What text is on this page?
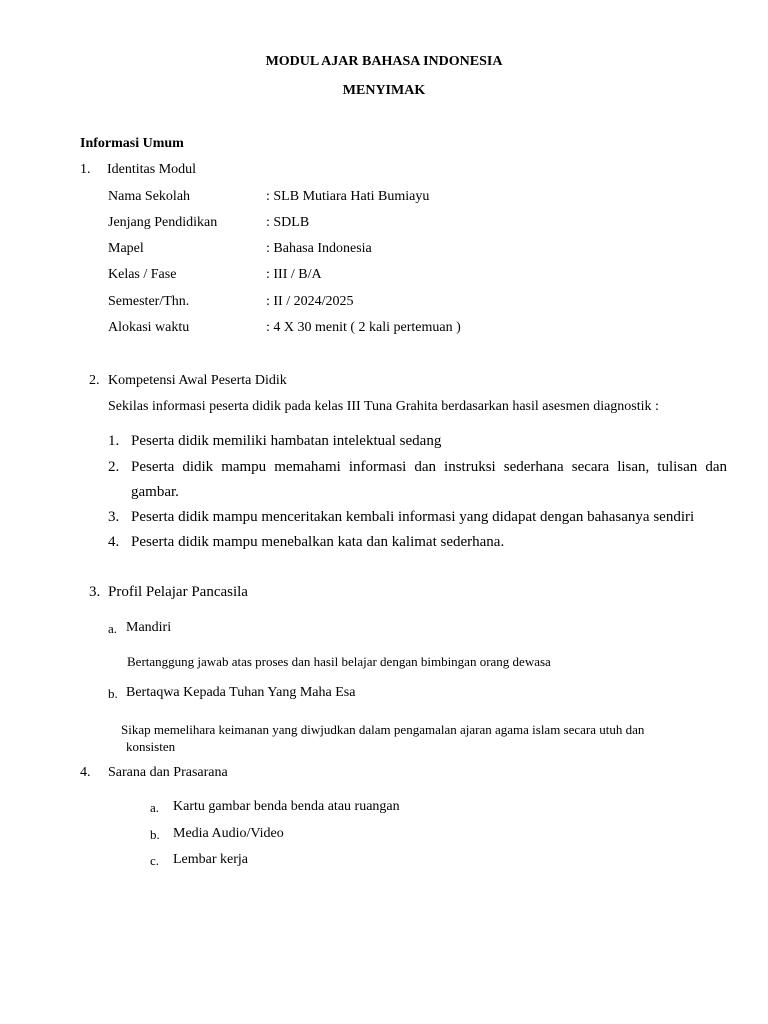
MODUL AJAR BAHASA INDONESIA
MENYIMAK
Informasi Umum
1. Identitas Modul
Nama Sekolah	: SLB Mutiara Hati Bumiayu
Jenjang Pendidikan	: SDLB
Mapel	: Bahasa Indonesia
Kelas / Fase	: III / B/A
Semester/Thn.	: II / 2024/2025
Alokasi waktu	: 4 X 30 menit ( 2 kali pertemuan )
2. Kompetensi Awal Peserta Didik
Sekilas informasi peserta didik pada kelas III Tuna Grahita berdasarkan hasil asesmen diagnostik :
1. Peserta didik memiliki hambatan intelektual sedang
2. Peserta didik mampu memahami informasi dan instruksi sederhana secara lisan, tulisan dan
gambar.
3. Peserta didik mampu menceritakan kembali informasi yang didapat dengan bahasanya sendiri
4. Peserta didik mampu menebalkan kata dan kalimat sederhana.
3. Profil Pelajar Pancasila
a. Mandiri
Bertanggung jawab atas proses dan hasil belajar dengan bimbingan orang dewasa
b. Bertaqwa Kepada Tuhan Yang Maha Esa
Sikap memelihara keimanan yang diwjudkan dalam pengamalan ajaran agama islam secara utuh dan
konsisten
4. Sarana dan Prasarana
a. Kartu gambar benda benda atau ruangan
b. Media Audio/Video
c. Lembar kerja
